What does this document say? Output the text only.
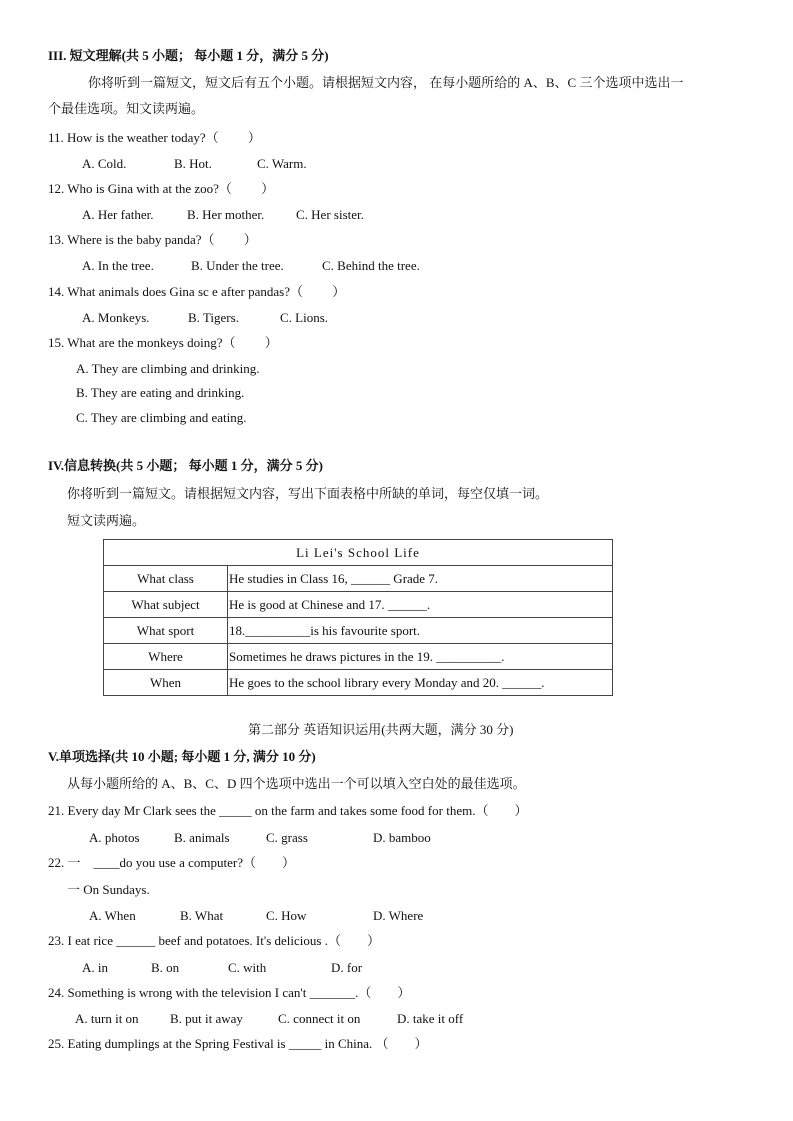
III. 短文理解(共 5 小题； 每小题 1 分，满分 5 分)
你将听到一篇短文，短文后有五个小题。请根据短文内容， 在每小题所给的 A、B、C 三个选项中选出一
个最佳选项。知文读两遍。
11. How is the weather today?（　　 ）
A. Cold.	B. Hot.	C. Warm.
12. Who is Gina with at the zoo?（　　 ）
A. Her father.	B. Her mother. C. Her sister.
13. Where is the baby panda?（　　 ）
A. In the tree.	B. Under the tree.	C. Behind the tree.
14. What animals does Gina sc e after pandas?（　　 ）
A. Monkeys.	B. Tigers.	C. Lions.
15. What are the monkeys doing?（　　 ）
A. They are climbing and drinking.
B. They are eating and drinking.
C. They are climbing and eating.
IV.信息转换(共 5 小题； 每小题 1 分，满分 5 分)
你将听到一篇短文。请根据短文内容，写出下面表格中所缺的单词，每空仅填一词。
短文读两遍。
Li Lei's School Life	
What class	He studies in Class 16, ______ Grade 7.
What subject	He is good at Chinese and 17. ______.
What sport	18.__________is his favourite sport.
Where	Sometimes he draws pictures in the 19. __________.
When	He goes to the school library every Monday and 20. ______.
第二部分 英语知识运用(共两大题，满分 30 分)
V.单项选择(共 10 小题; 每小题 1 分, 满分 10 分)
从每小题所给的 A、B、C、D 四个选项中选出一个可以填入空白处的最佳选项。
21. Every day Mr Clark sees the _____ on the farm and takes some food for them.（　　）
A. photos	B. animals	C. grass	D. bamboo
22. 一　____do you use a computer?（　　）
一 On Sundays.
A. When	B. What	C. How	D. Where
23. I eat rice ______ beef and potatoes. It's delicious .（　　）
A. in	B. on	C. with	D. for
24. Something is wrong with the television I can't _______.（　　）
A. turn it on B. put it away	C. connect it on	D. take it off
25. Eating dumplings at the Spring Festival is _____ in China. （　　）
